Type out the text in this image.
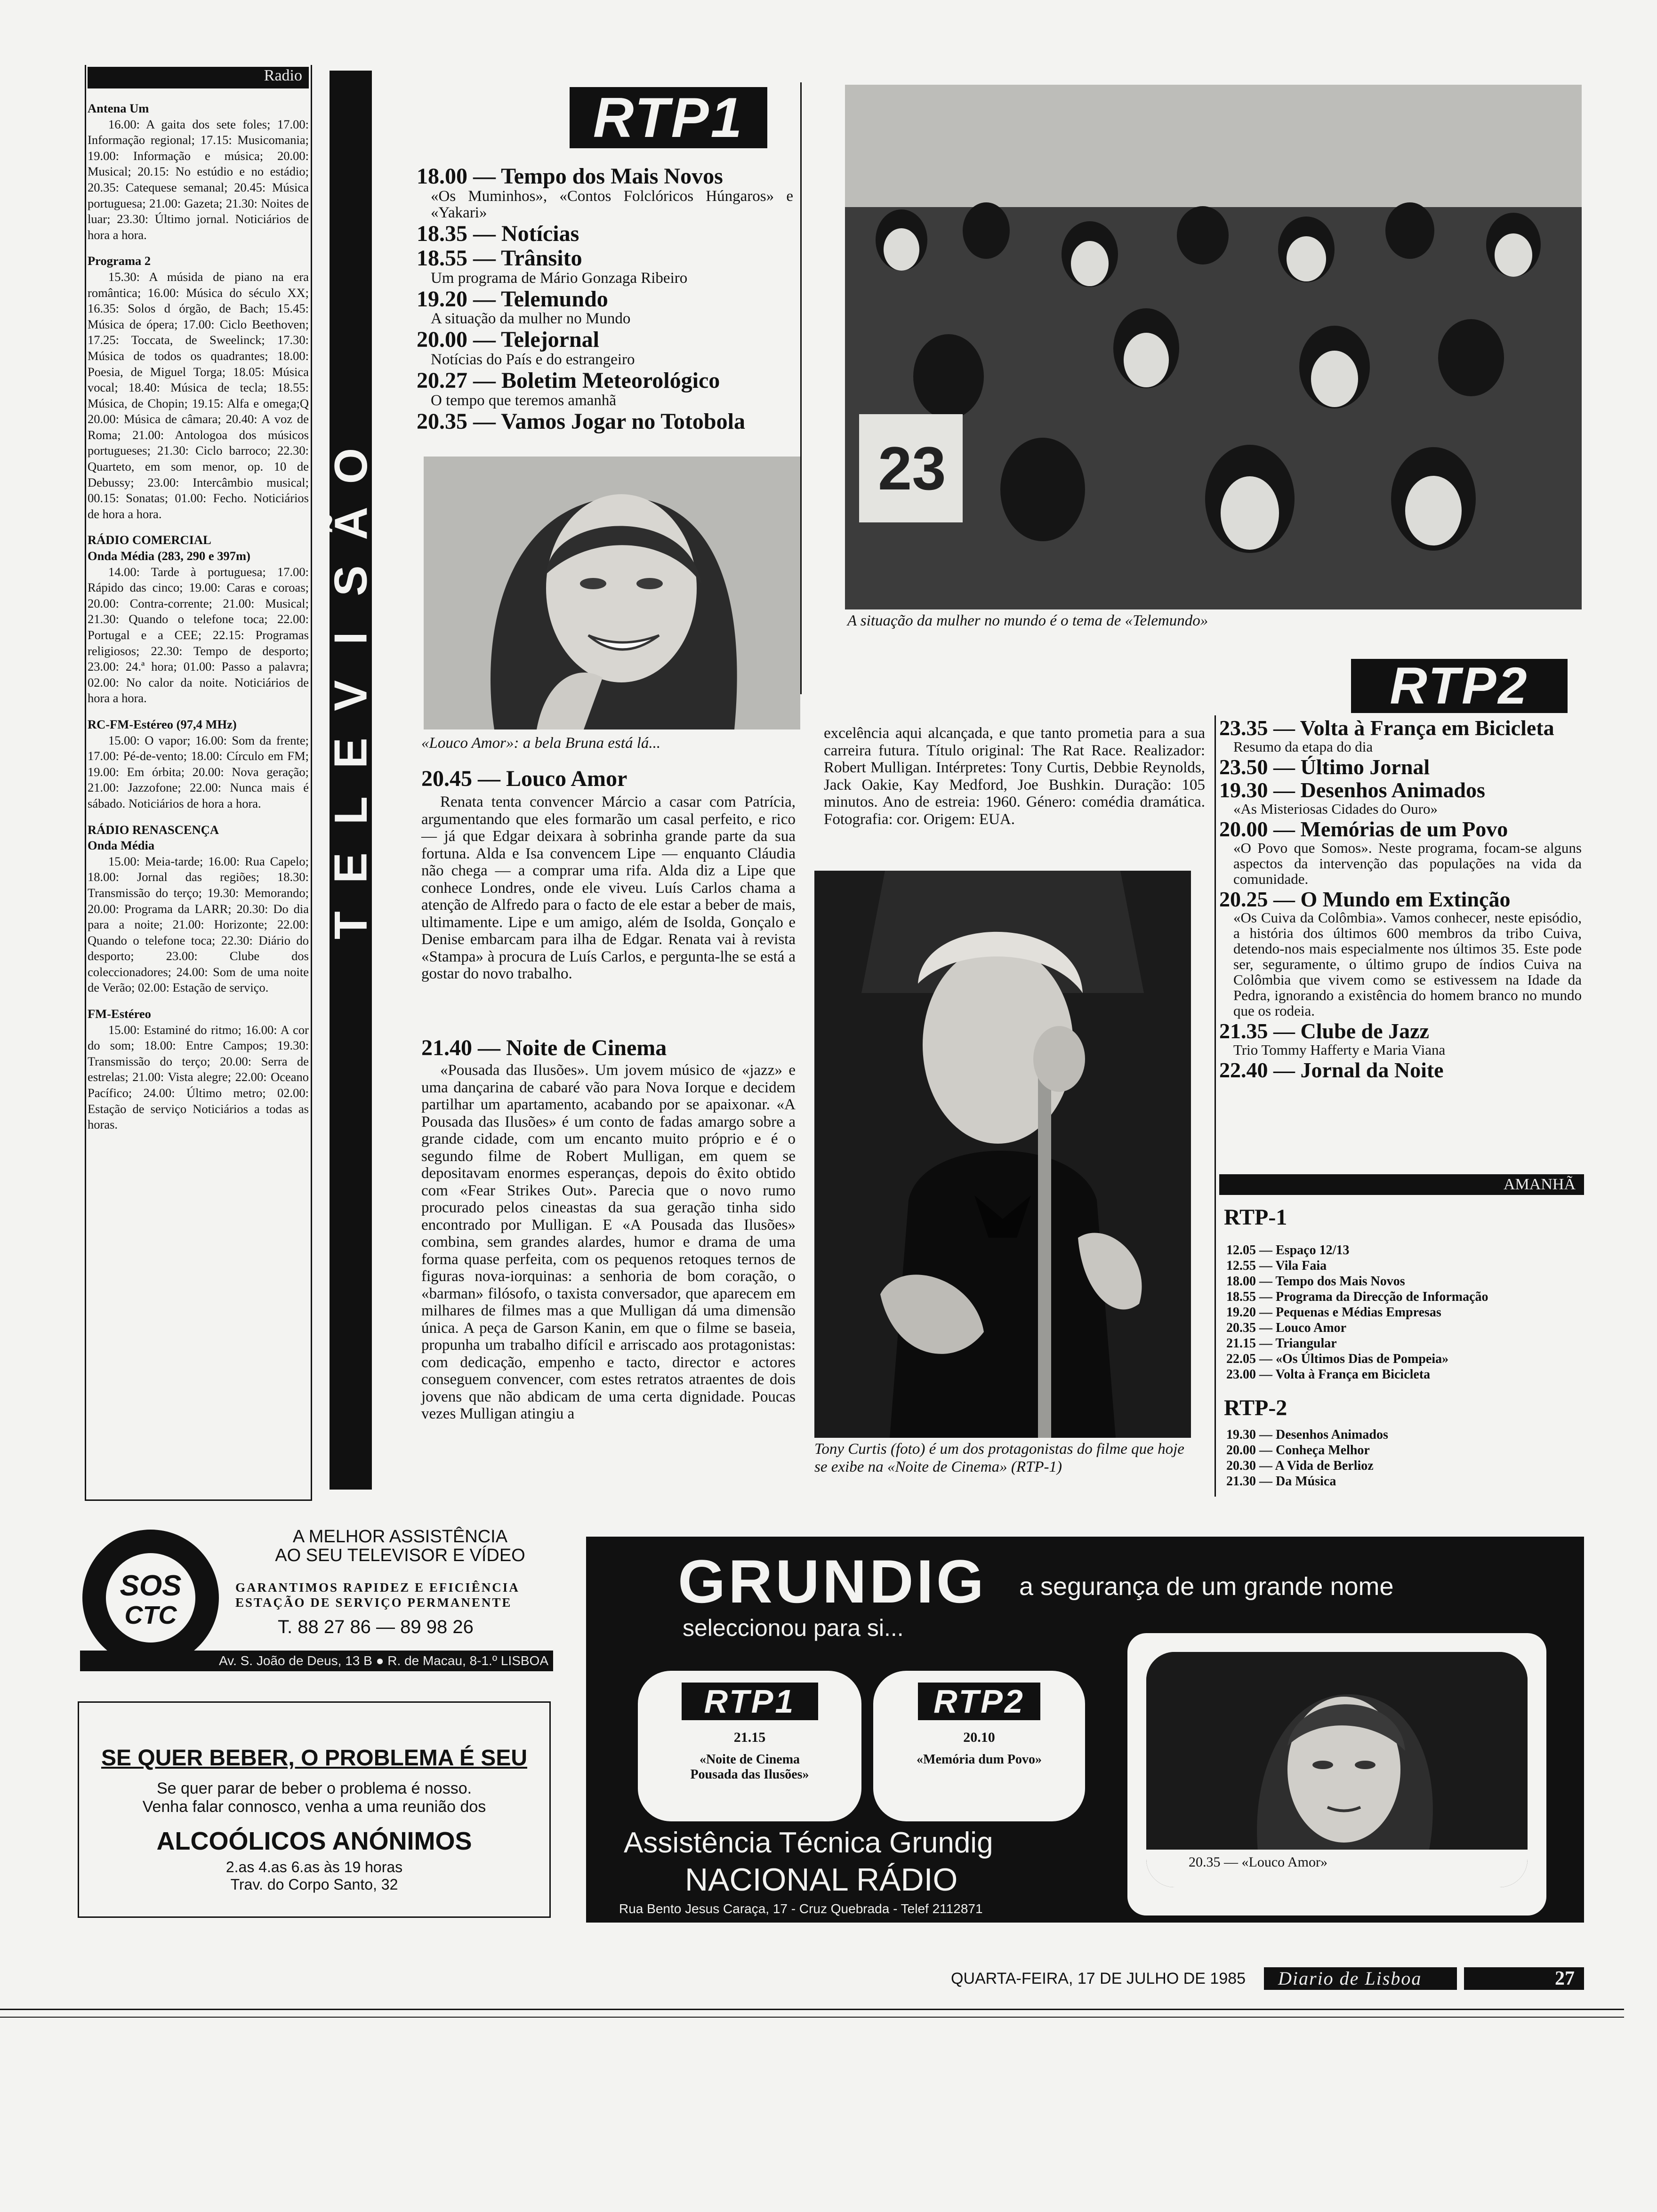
Radio
Antena Um
16.00: A gaita dos sete foles; 17.00: Informação regional; 17.15: Musicomania; 19.00: Informação e música; 20.00: Musical; 20.15: No estúdio e no estádio; 20.35: Catequese semanal; 20.45: Música portuguesa; 21.00: Gazeta; 21.30: Noites de luar; 23.30: Último jornal. Noticiários de hora a hora.
Programa 2
15.30: A músida de piano na era romântica; 16.00: Música do século XX; 16.35: Solos d órgão, de Bach; 15.45: Música de ópera; 17.00: Ciclo Beethoven; 17.25: Toccata, de Sweelinck; 17.30: Música de todos os quadrantes; 18.00: Poesia, de Miguel Torga; 18.05: Música vocal; 18.40: Música de tecla; 18.55: Música, de Chopin; 19.15: Alfa e omega;Q 20.00: Música de câmara; 20.40: A voz de Roma; 21.00: Antologoa dos músicos portugueses; 21.30: Ciclo barroco; 22.30: Quarteto, em som menor, op. 10 de Debussy; 23.00: Intercâmbio musical; 00.15: Sonatas; 01.00: Fecho. Noticiários de hora a hora.
RÁDIO COMERCIAL
Onda Média (283, 290 e 397m)
14.00: Tarde à portuguesa; 17.00: Rápido das cinco; 19.00: Caras e coroas; 20.00: Contra-corrente; 21.00: Musical; 21.30: Quando o telefone toca; 22.00: Portugal e a CEE; 22.15: Programas religiosos; 22.30: Tempo de desporto; 23.00: 24.ª hora; 01.00: Passo a palavra; 02.00: No calor da noite. Noticiários de hora a hora.
RC-FM-Estéreo (97,4 MHz)
15.00: O vapor; 16.00: Som da frente; 17.00: Pé-de-vento; 18.00: Círculo em FM; 19.00: Em órbita; 20.00: Nova geração; 21.00: Jazzofone; 22.00: Nunca mais é sábado. Noticiários de hora a hora.
RÁDIO RENASCENÇA
Onda Média
15.00: Meia-tarde; 16.00: Rua Capelo; 18.00: Jornal das regiões; 18.30: Transmissão do terço; 19.30: Memorando; 20.00: Programa da LARR; 20.30: Do dia para a noite; 21.00: Horizonte; 22.00: Quando o telefone toca; 22.30: Diário do desporto; 23.00: Clube dos coleccionadores; 24.00: Som de uma noite de Verão; 02.00: Estação de serviço.
FM-Estéreo
15.00: Estaminé do ritmo; 16.00: A cor do som; 18.00: Entre Campos; 19.30: Transmissão do terço; 20.00: Serra de estrelas; 21.00: Vista alegre; 22.00: Oceano Pacífico; 24.00: Último metro; 02.00: Estação de serviço Noticiários a todas as horas.
O
Ã
S
I
V
E
L
E
T
RTP1
18.00 — Tempo dos Mais Novos
«Os Muminhos», «Contos Folclóricos Húngaros» e «Yakari»
18.35 — Notícias
18.55 — Trânsito
Um programa de Mário Gonzaga Ribeiro
19.20 — Telemundo
A situação da mulher no Mundo
20.00 — Telejornal
Notícias do País e do estrangeiro
20.27 — Boletim Meteorológico
O tempo que teremos amanhã
20.35 — Vamos Jogar no Totobola
«Louco Amor»: a bela Bruna está lá...
20.45 — Louco Amor
Renata tenta convencer Márcio a casar com Patrícia, argumentando que eles formarão um casal perfeito, e rico — já que Edgar deixara à sobrinha grande parte da sua fortuna. Alda e Isa convencem Lipe — enquanto Cláudia não chega — a comprar uma rifa. Alda diz a Lipe que conhece Londres, onde ele viveu. Luís Carlos chama a atenção de Alfredo para o facto de ele estar a beber de mais, ultimamente. Lipe e um amigo, além de Isolda, Gonçalo e Denise embarcam para ilha de Edgar. Renata vai à revista «Stampa» à procura de Luís Carlos, e pergunta-lhe se está a gostar do novo trabalho.
21.40 — Noite de Cinema
«Pousada das Ilusões». Um jovem músico de «jazz» e uma dançarina de cabaré vão para Nova Iorque e decidem partilhar um apartamento, acabando por se apaixonar. «A Pousada das Ilusões» é um conto de fadas amargo sobre a grande cidade, com um encanto muito próprio e é o segundo filme de Robert Mulligan, em quem se depositavam enormes esperanças, depois do êxito obtido com «Fear Strikes Out». Parecia que o novo rumo procurado pelos cineastas da sua geração tinha sido encontrado por Mulligan. E «A Pousada das Ilusões» combina, sem grandes alardes, humor e drama de uma forma quase perfeita, com os pequenos retoques ternos de figuras nova-iorquinas: a senhoria de bom coração, o «barman» filósofo, o taxista conversador, que aparecem em milhares de filmes mas a que Mulligan dá uma dimensão única. A peça de Garson Kanin, em que o filme se baseia, propunha um trabalho difícil e arriscado aos protagonistas: com dedicação, empenho e tacto, director e actores conseguem convencer, com estes retratos atraentes de dois jovens que não abdicam de uma certa dignidade. Poucas vezes Mulligan atingiu a
23
A situação da mulher no mundo é o tema de «Telemundo»
excelência aqui alcançada, e que tanto prometia para a sua carreira futura. Título original: The Rat Race. Realizador: Robert Mulligan. Intérpretes: Tony Curtis, Debbie Reynolds, Jack Oakie, Kay Medford, Joe Bushkin. Duração: 105 minutos. Ano de estreia: 1960. Género: comédia dramática. Fotografia: cor. Origem: EUA.
Tony Curtis (foto) é um dos protagonistas do filme que hoje se exibe na «Noite de Cinema» (RTP-1)
RTP2
23.35 — Volta à França em Bicicleta
Resumo da etapa do dia
23.50 — Último Jornal
19.30 — Desenhos Animados
«As Misteriosas Cidades do Ouro»
20.00 — Memórias de um Povo
«O Povo que Somos». Neste programa, focam-se alguns aspectos da intervenção das populações na vida da comunidade.
20.25 — O Mundo em Extinção
«Os Cuiva da Colômbia». Vamos conhecer, neste episódio, a história dos últimos 600 membros da tribo Cuiva, detendo-nos mais especialmente nos últimos 35. Este pode ser, seguramente, o último grupo de índios Cuiva na Colômbia que vivem como se estivessem na Idade da Pedra, ignorando a existência do homem branco no mundo que os rodeia.
21.35 — Clube de Jazz
Trio Tommy Hafferty e Maria Viana
22.40 — Jornal da Noite
AMANHÃ
RTP-1
12.05 — Espaço 12/13
12.55 — Vila Faia
18.00 — Tempo dos Mais Novos
18.55 — Programa da Direcção de Informação
19.20 — Pequenas e Médias Empresas
20.35 — Louco Amor
21.15 — Triangular
22.05 — «Os Últimos Dias de Pompeia»
23.00 — Volta à França em Bicicleta
RTP-2
19.30 — Desenhos Animados
20.00 — Conheça Melhor
20.30 — A Vida de Berlioz
21.30 — Da Música
SOS
CTC
A MELHOR ASSISTÊNCIA
AO SEU TELEVISOR E VÍDEO
GARANTIMOS RAPIDEZ E EFICIÊNCIA
ESTAÇÃO DE SERVIÇO PERMANENTE
T. 88 27 86 — 89 98 26
Av. S. João de Deus, 13 B ● R. de Macau, 8-1.º LISBOA
SE QUER BEBER, O PROBLEMA É SEU
Se quer parar de beber o problema é nosso.
Venha falar connosco, venha a uma reunião dos
ALCOÓLICOS ANÓNIMOS
2.as 4.as 6.as às 19 horas
Trav. do Corpo Santo, 32
GRUNDIG a segurança de um grande nome
seleccionou para si...
RTP1
21.15
«Noite de Cinema
Pousada das Ilusões»
RTP2
20.10
«Memória dum Povo»
20.35 — «Louco Amor»
Assistência Técnica Grundig
NACIONAL RÁDIO
Rua Bento Jesus Caraça, 17 - Cruz Quebrada - Telef 2112871
QUARTA-FEIRA, 17 DE JULHO DE 1985	Diario de Lisboa	27
